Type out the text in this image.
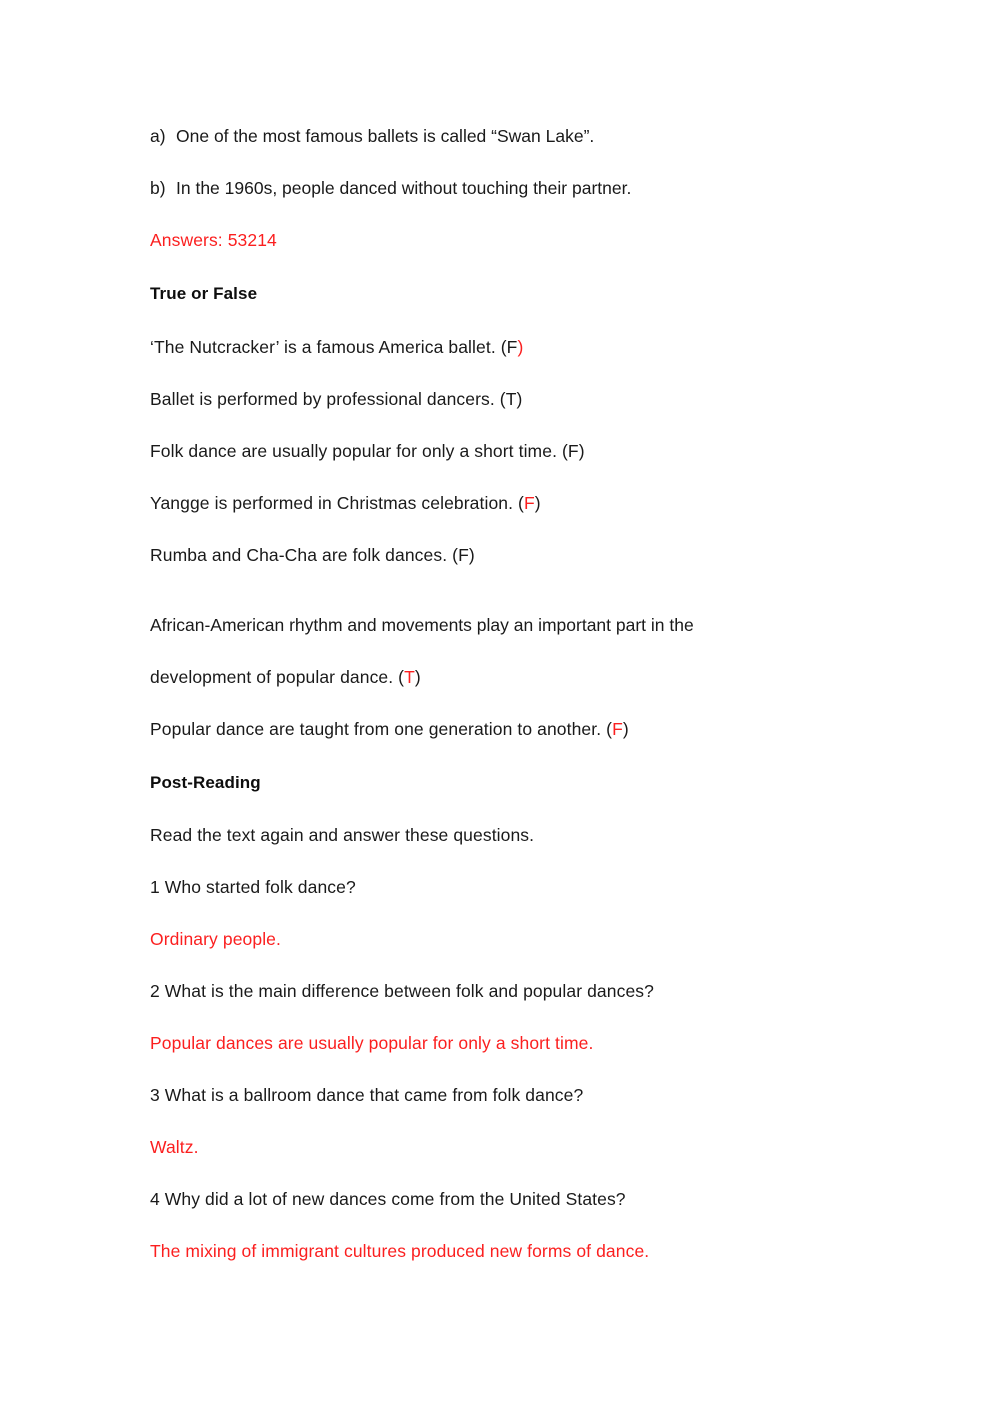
a) One of the most famous ballets is called “Swan Lake”.
b) In the 1960s, people danced without touching their partner.

Answers: 53214

True or False

‘The Nutcracker’ is a famous America ballet. (F)

Ballet is performed by professional dancers. (T)

Folk dance are usually popular for only a short time. (F)

Yangge is performed in Christmas celebration. (F)

Rumba and Cha-Cha are folk dances. (F)

African-American rhythm and movements play an important part in the

development of popular dance. (T)

Popular dance are taught from one generation to another. (F)

Post-Reading

Read the text again and answer these questions.

1 Who started folk dance?

Ordinary people.

2 What is the main difference between folk and popular dances?

Popular dances are usually popular for only a short time.

3 What is a ballroom dance that came from folk dance?

Waltz.

4 Why did a lot of new dances come from the United States?

The mixing of immigrant cultures produced new forms of dance.
